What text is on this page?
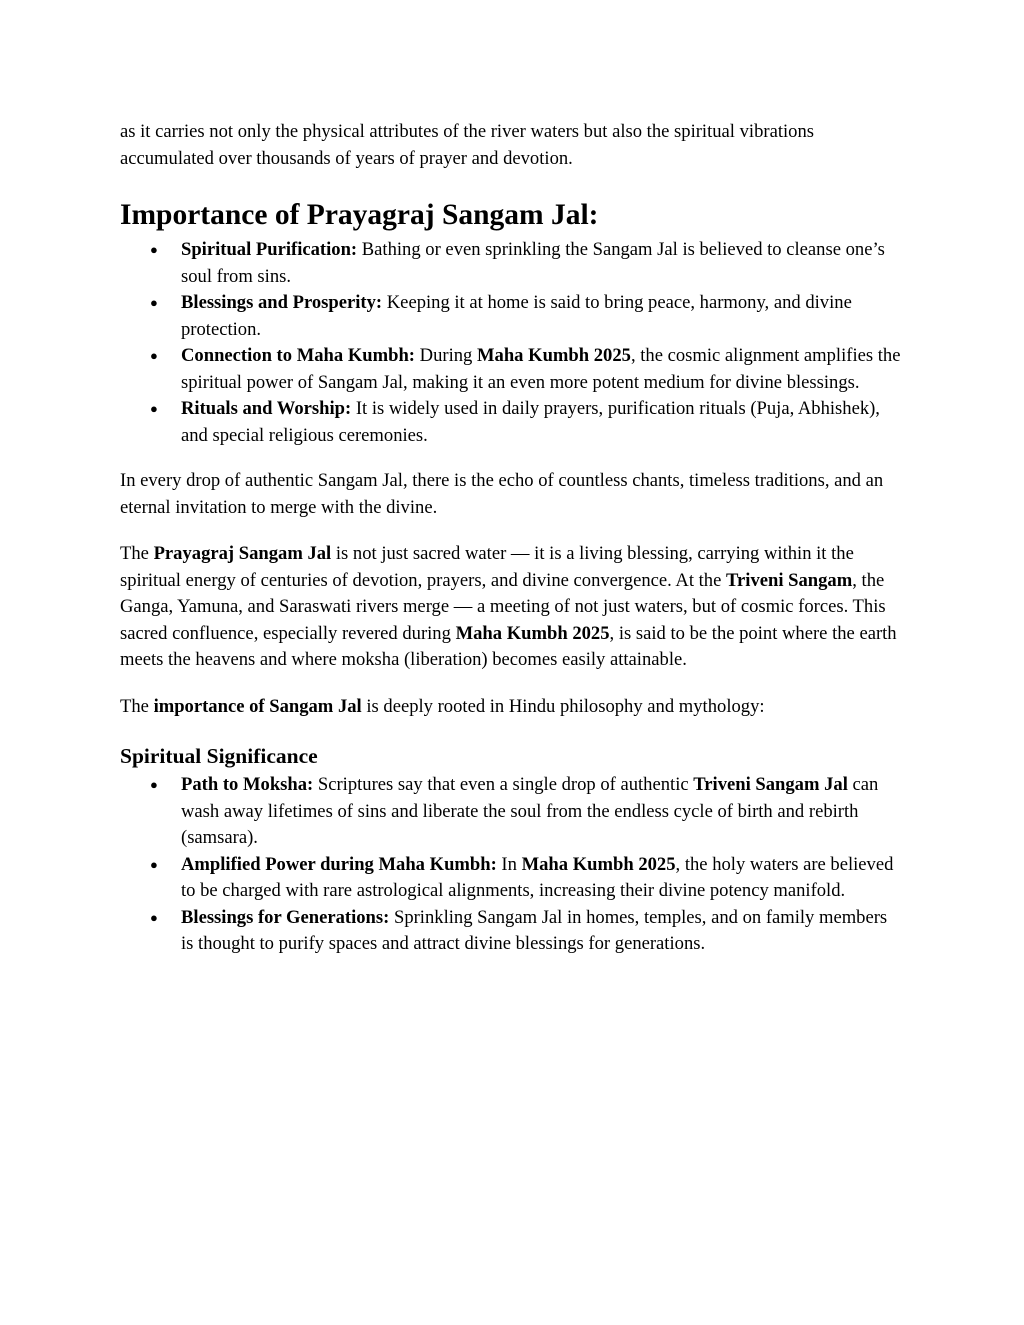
as it carries not only the physical attributes of the river waters but also the spiritual vibrations
accumulated over thousands of years of prayer and devotion.

Importance of Prayagraj Sangam Jal:
● Spiritual Purification: Bathing or even sprinkling the Sangam Jal is believed to cleanse one’s soul from sins.
● Blessings and Prosperity: Keeping it at home is said to bring peace, harmony, and divine protection.
● Connection to Maha Kumbh: During Maha Kumbh 2025, the cosmic alignment amplifies the spiritual power of Sangam Jal, making it an even more potent medium for divine blessings.
● Rituals and Worship: It is widely used in daily prayers, purification rituals (Puja, Abhishek), and special religious ceremonies.

In every drop of authentic Sangam Jal, there is the echo of countless chants, timeless traditions, and an eternal invitation to merge with the divine.

The Prayagraj Sangam Jal is not just sacred water — it is a living blessing, carrying within it the spiritual energy of centuries of devotion, prayers, and divine convergence. At the Triveni Sangam, the Ganga, Yamuna, and Saraswati rivers merge — a meeting of not just waters, but of cosmic forces. This sacred confluence, especially revered during Maha Kumbh 2025, is said to be the point where the earth meets the heavens and where moksha (liberation) becomes easily attainable.

The importance of Sangam Jal is deeply rooted in Hindu philosophy and mythology:

Spiritual Significance
● Path to Moksha: Scriptures say that even a single drop of authentic Triveni Sangam Jal can wash away lifetimes of sins and liberate the soul from the endless cycle of birth and rebirth (samsara).
● Amplified Power during Maha Kumbh: In Maha Kumbh 2025, the holy waters are believed to be charged with rare astrological alignments, increasing their divine potency manifold.
● Blessings for Generations: Sprinkling Sangam Jal in homes, temples, and on family members is thought to purify spaces and attract divine blessings for generations.
